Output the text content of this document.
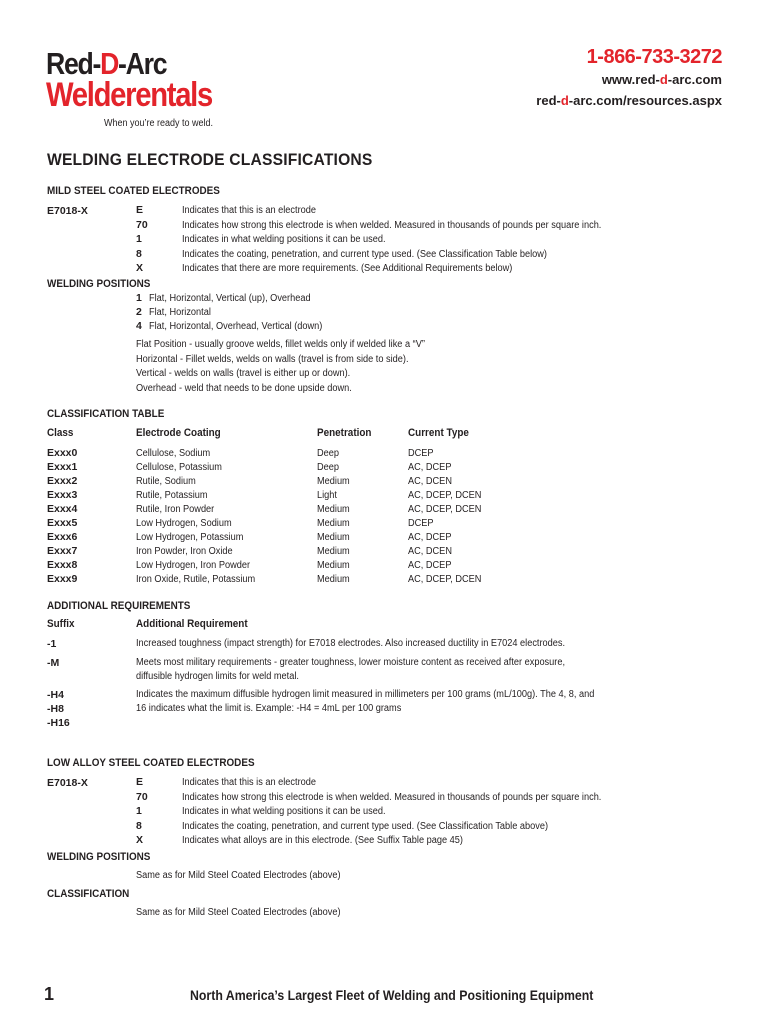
Red-D-Arc
Welderentals
When you’re ready to weld.
1-866-733-3272
www.red-d-arc.com
red-d-arc.com/resources.aspx
WELDING ELECTRODE CLASSIFICATIONS
MILD STEEL COATED ELECTRODES
E7018-X	E	Indicates that this is an electrode
70	Indicates how strong this electrode is when welded. Measured in thousands of pounds per square inch.
1	Indicates in what welding positions it can be used.
8	Indicates the coating, penetration, and current type used. (See Classification Table below)
X	Indicates that there are more requirements. (See Additional Requirements below)
WELDING POSITIONS
1 Flat, Horizontal, Vertical (up), Overhead
2 Flat, Horizontal
4 Flat, Horizontal, Overhead, Vertical (down)
Flat Position - usually groove welds, fillet welds only if welded like a “V”
Horizontal - Fillet welds, welds on walls (travel is from side to side).
Vertical - welds on walls (travel is either up or down).
Overhead - weld that needs to be done upside down.
CLASSIFICATION TABLE
Class	Electrode Coating	Penetration	Current Type
Exxx0	Cellulose, Sodium	Deep	DCEP
Exxx1	Cellulose, Potassium	Deep	AC, DCEP
Exxx2	Rutile, Sodium	Medium	AC, DCEN
Exxx3	Rutile, Potassium	Light	AC, DCEP, DCEN
Exxx4	Rutile, Iron Powder	Medium	AC, DCEP, DCEN
Exxx5	Low Hydrogen, Sodium	Medium	DCEP
Exxx6	Low Hydrogen, Potassium	Medium	AC, DCEP
Exxx7	Iron Powder, Iron Oxide	Medium	AC, DCEN
Exxx8	Low Hydrogen, Iron Powder	Medium	AC, DCEP
Exxx9	Iron Oxide, Rutile, Potassium	Medium	AC, DCEP, DCEN
ADDITIONAL REQUIREMENTS
Suffix	Additional Requirement
-1	Increased toughness (impact strength) for E7018 electrodes. Also increased ductility in E7024 electrodes.
-M	Meets most military requirements - greater toughness, lower moisture content as received after exposure,
diffusible hydrogen limits for weld metal.
-H4
-H8
-H16
Indicates the maximum diffusible hydrogen limit measured in millimeters per 100 grams (mL/100g). The 4, 8, and
16 indicates what the limit is. Example: -H4 = 4mL per 100 grams
LOW ALLOY STEEL COATED ELECTRODES
E7018-X	E	Indicates that this is an electrode
70	Indicates how strong this electrode is when welded. Measured in thousands of pounds per square inch.
1	Indicates in what welding positions it can be used.
8	Indicates the coating, penetration, and current type used. (See Classification Table above)
X	Indicates what alloys are in this electrode. (See Suffix Table page 45)
WELDING POSITIONS
Same as for Mild Steel Coated Electrodes (above)
CLASSIFICATION
Same as for Mild Steel Coated Electrodes (above)
1	North America’s Largest Fleet of Welding and Positioning Equipment
